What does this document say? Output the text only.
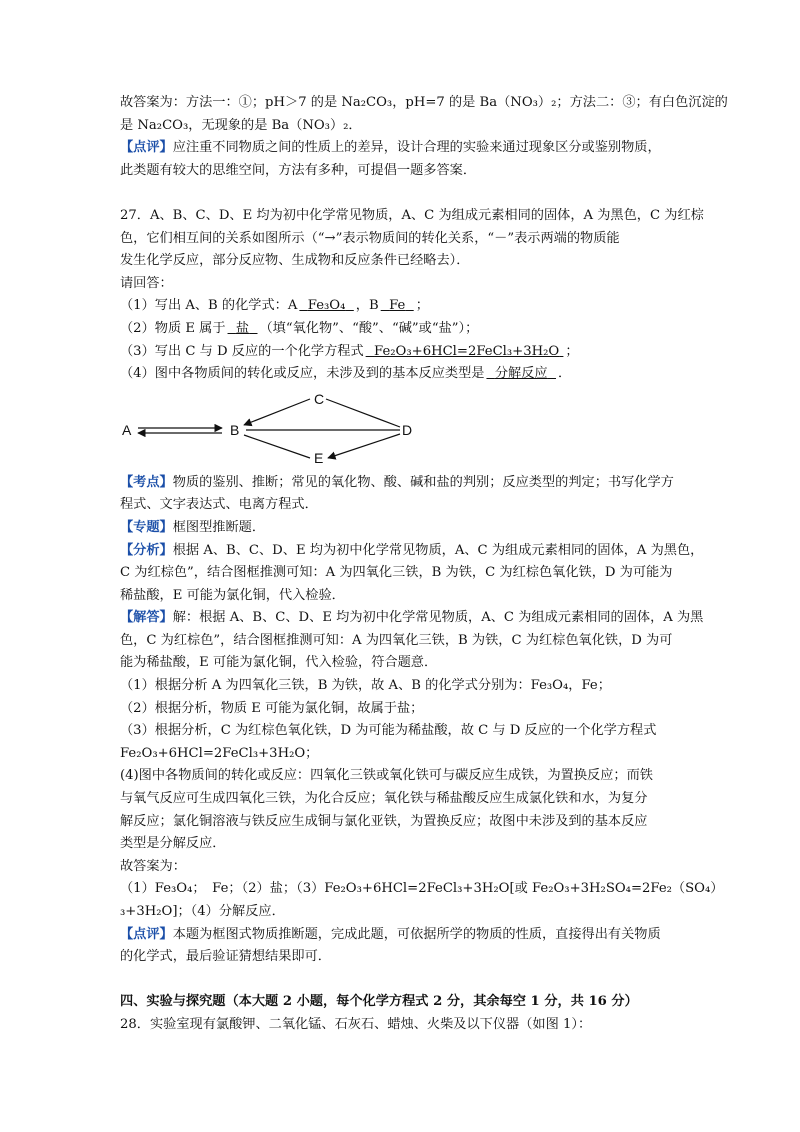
故答案为：方法一：①；pH＞7 的是 Na₂CO₃，pH=7 的是 Ba（NO₃）₂；方法二：③；有白色沉淀的
是 Na₂CO₃，无现象的是 Ba（NO₃）₂．
【点评】应注重不同物质之间的性质上的差异，设计合理的实验来通过现象区分或鉴别物质，
此类题有较大的思维空间，方法有多种，可提倡一题多答案．
27．A、B、C、D、E 均为初中化学常见物质，A、C 为组成元素相同的固体，A 为黑色，C 为红棕
色，它们相互间的关系如图所示（“→”表示物质间的转化关系，“－”表示两端的物质能
发生化学反应，部分反应物、生成物和反应条件已经略去）．
请回答：
（1）写出 A、B 的化学式：A Fe₃O₄ ，B Fe ；
（2）物质 E 属于 盐 （填“氧化物”、“酸”、“碱”或“盐”）；
（3）写出 C 与 D 反应的一个化学方程式 Fe₂O₃+6HCl=2FeCl₃+3H₂O ；
（4）图中各物质间的转化或反应，未涉及到的基本反应类型是 分解反应 ．
A	B
C
D
E
【考点】物质的鉴别、推断；常见的氧化物、酸、碱和盐的判别；反应类型的判定；书写化学方
程式、文字表达式、电离方程式．
【专题】框图型推断题．
【分析】根据 A、B、C、D、E 均为初中化学常见物质，A、C 为组成元素相同的固体，A 为黑色，
C 为红棕色”，结合图框推测可知：A 为四氧化三铁，B 为铁，C 为红棕色氧化铁，D 为可能为
稀盐酸，E 可能为氯化铜，代入检验．
【解答】解：根据 A、B、C、D、E 均为初中化学常见物质，A、C 为组成元素相同的固体，A 为黑
色，C 为红棕色”，结合图框推测可知：A 为四氧化三铁，B 为铁，C 为红棕色氧化铁，D 为可
能为稀盐酸，E 可能为氯化铜，代入检验，符合题意．
（1）根据分析 A 为四氧化三铁，B 为铁，故 A、B 的化学式分别为：Fe₃O₄，Fe；
（2）根据分析，物质 E 可能为氯化铜，故属于盐；
（3）根据分析，C 为红棕色氧化铁，D 为可能为稀盐酸，故 C 与 D 反应的一个化学方程式
Fe₂O₃+6HCl=2FeCl₃+3H₂O；
(4)图中各物质间的转化或反应：四氧化三铁或氧化铁可与碳反应生成铁，为置换反应；而铁
与氧气反应可生成四氧化三铁，为化合反应；氧化铁与稀盐酸反应生成氯化铁和水，为复分
解反应；氯化铜溶液与铁反应生成铜与氯化亚铁，为置换反应；故图中未涉及到的基本反应
类型是分解反应．
故答案为：
（1）Fe₃O₄；　Fe；（2）盐；（3）Fe₂O₃+6HCl=2FeCl₃+3H₂O[或 Fe₂O₃+3H₂SO₄=2Fe₂（SO₄）
₃+3H₂O]；（4）分解反应．
【点评】本题为框图式物质推断题，完成此题，可依据所学的物质的性质，直接得出有关物质
的化学式，最后验证猜想结果即可．
四、实验与探究题（本大题 2 小题，每个化学方程式 2 分，其余每空 1 分，共 16 分）
28．实验室现有氯酸钾、二氧化锰、石灰石、蜡烛、火柴及以下仪器（如图 1）：
